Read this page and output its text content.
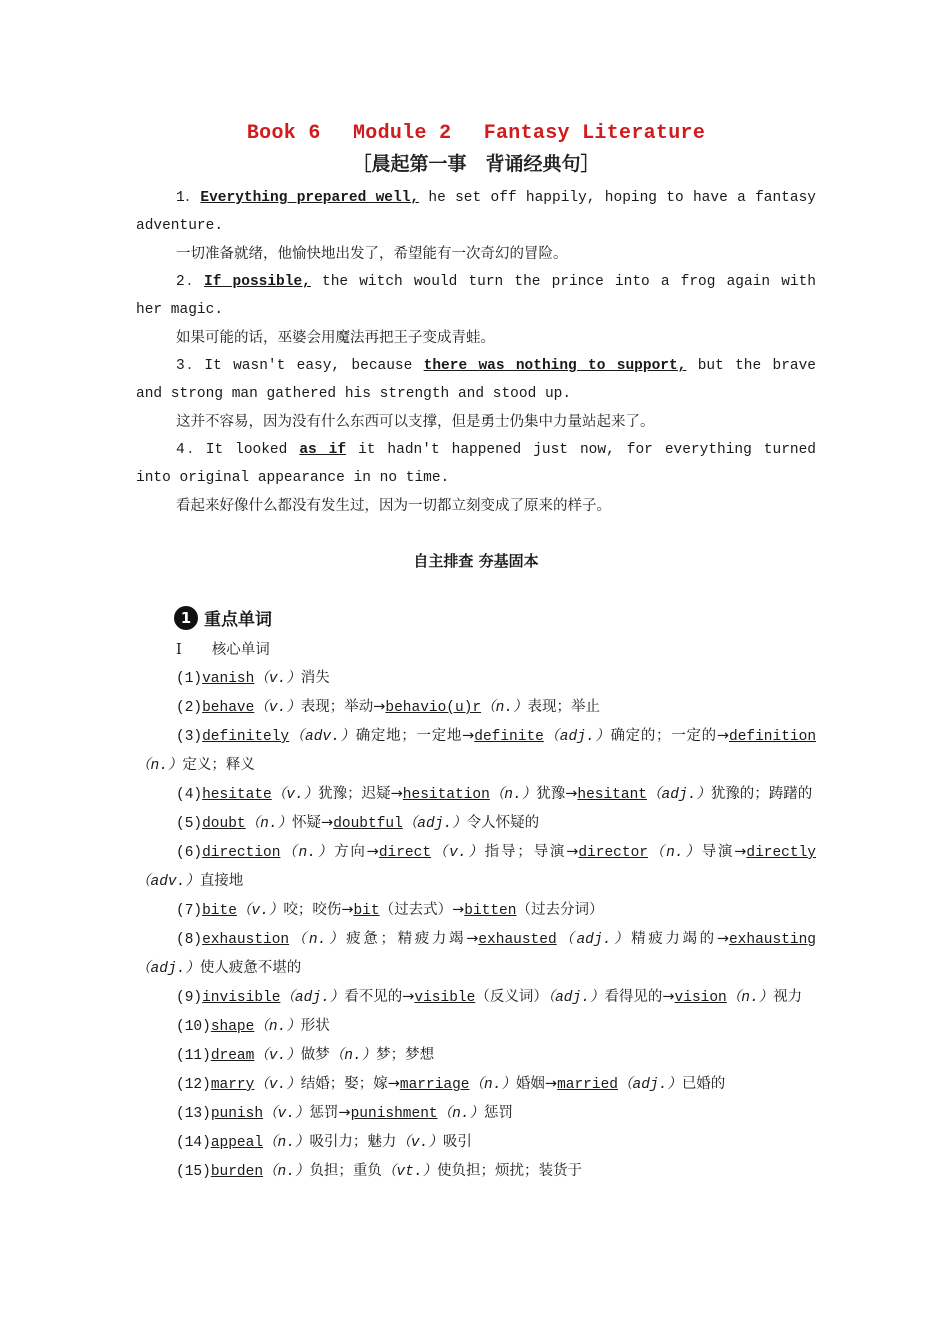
Book 6 Module 2 Fantasy Literature
［晨起第一事　背诵经典句］

1．Everything prepared well, he set off happily, hoping to have a fantasy adventure.

一切准备就绪，他愉快地出发了，希望能有一次奇幻的冒险。

2．If possible, the witch would turn the prince into a frog again with her magic.

如果可能的话，巫婆会用魔法再把王子变成青蛙。

3．It wasn't easy, because there was nothing to support, but the brave and strong man gathered his strength and stood up.

这并不容易，因为没有什么东西可以支撑，但是勇士仍集中力量站起来了。

4．It looked as if it hadn't happened just now, for everything turned into original appearance in no time.

看起来好像什么都没有发生过，因为一切都立刻变成了原来的样子。

自主排查 夯基固本
1 重点单词

Ⅰ 核心单词

(1)vanish（v.）消失

(2)behave（v.）表现；举动→behavio(u)r（n.）表现；举止

(3)definitely（adv.）确定地；一定地→definite（adj.）确定的；一定的→definition（n.）定义；释义

(4)hesitate（v.）犹豫；迟疑→hesitation（n.）犹豫→hesitant（adj.）犹豫的；踌躇的

(5)doubt（n.）怀疑→doubtful（adj.）令人怀疑的

(6)direction（n.）方向→direct（v.）指导；导演→director（n.）导演→directly（adv.）直接地

(7)bite（v.）咬；咬伤→bit（过去式）→bitten（过去分词）

(8)exhaustion（n.）疲惫；精疲力竭→exhausted（adj.）精疲力竭的→exhausting（adj.）使人疲惫不堪的

(9)invisible（adj.）看不见的→visible（反义词）（adj.）看得见的→vision（n.）视力

(10)shape（n.）形状

(11)dream（v.）做梦（n.）梦；梦想

(12)marry（v.）结婚；娶；嫁→marriage（n.）婚姻→married（adj.）已婚的

(13)punish（v.）惩罚→punishment（n.）惩罚

(14)appeal（n.）吸引力；魅力（v.）吸引

(15)burden（n.）负担；重负（vt.）使负担；烦扰；装货于
